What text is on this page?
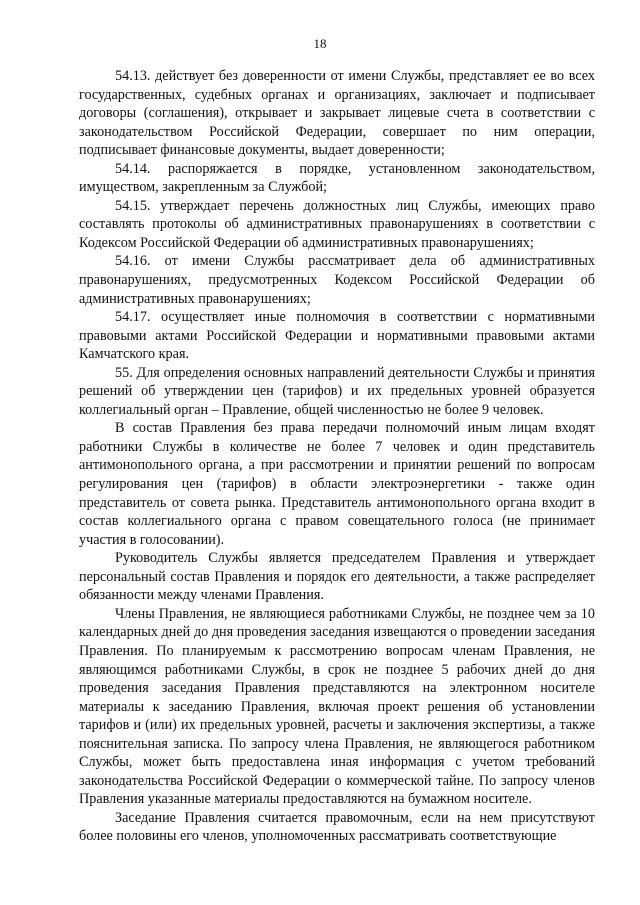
18

54.13. действует без доверенности от имени Службы, представляет ее во всех государственных, судебных органах и организациях, заключает и подписывает договоры (соглашения), открывает и закрывает лицевые счета в соответствии с законодательством Российской Федерации, совершает по ним операции, подписывает финансовые документы, выдает доверенности;

54.14. распоряжается в порядке, установленном законодательством, имуществом, закрепленным за Службой;

54.15. утверждает перечень должностных лиц Службы, имеющих право составлять протоколы об административных правонарушениях в соответствии с Кодексом Российской Федерации об административных правонарушениях;

54.16. от имени Службы рассматривает дела об административных правонарушениях, предусмотренных Кодексом Российской Федерации об административных правонарушениях;

54.17. осуществляет иные полномочия в соответствии с нормативными правовыми актами Российской Федерации и нормативными правовыми актами Камчатского края.

55. Для определения основных направлений деятельности Службы и принятия решений об утверждении цен (тарифов) и их предельных уровней образуется коллегиальный орган – Правление, общей численностью не более 9 человек.

В состав Правления без права передачи полномочий иным лицам входят работники Службы в количестве не более 7 человек и один представитель антимонопольного органа, а при рассмотрении и принятии решений по вопросам регулирования цен (тарифов) в области электроэнергетики - также один представитель от совета рынка. Представитель антимонопольного органа входит в состав коллегиального органа с правом совещательного голоса (не принимает участия в голосовании).

Руководитель Службы является председателем Правления и утверждает персональный состав Правления и порядок его деятельности, а также распределяет обязанности между членами Правления.

Члены Правления, не являющиеся работниками Службы, не позднее чем за 10 календарных дней до дня проведения заседания извещаются о проведении заседания Правления. По планируемым к рассмотрению вопросам членам Правления, не являющимся работниками Службы, в срок не позднее 5 рабочих дней до дня проведения заседания Правления представляются на электронном носителе материалы к заседанию Правления, включая проект решения об установлении тарифов и (или) их предельных уровней, расчеты и заключения экспертизы, а также пояснительная записка. По запросу члена Правления, не являющегося работником Службы, может быть предоставлена иная информация с учетом требований законодательства Российской Федерации о коммерческой тайне. По запросу членов Правления указанные материалы предоставляются на бумажном носителе.

Заседание Правления считается правомочным, если на нем присутствуют более половины его членов, уполномоченных рассматривать соответствующие
